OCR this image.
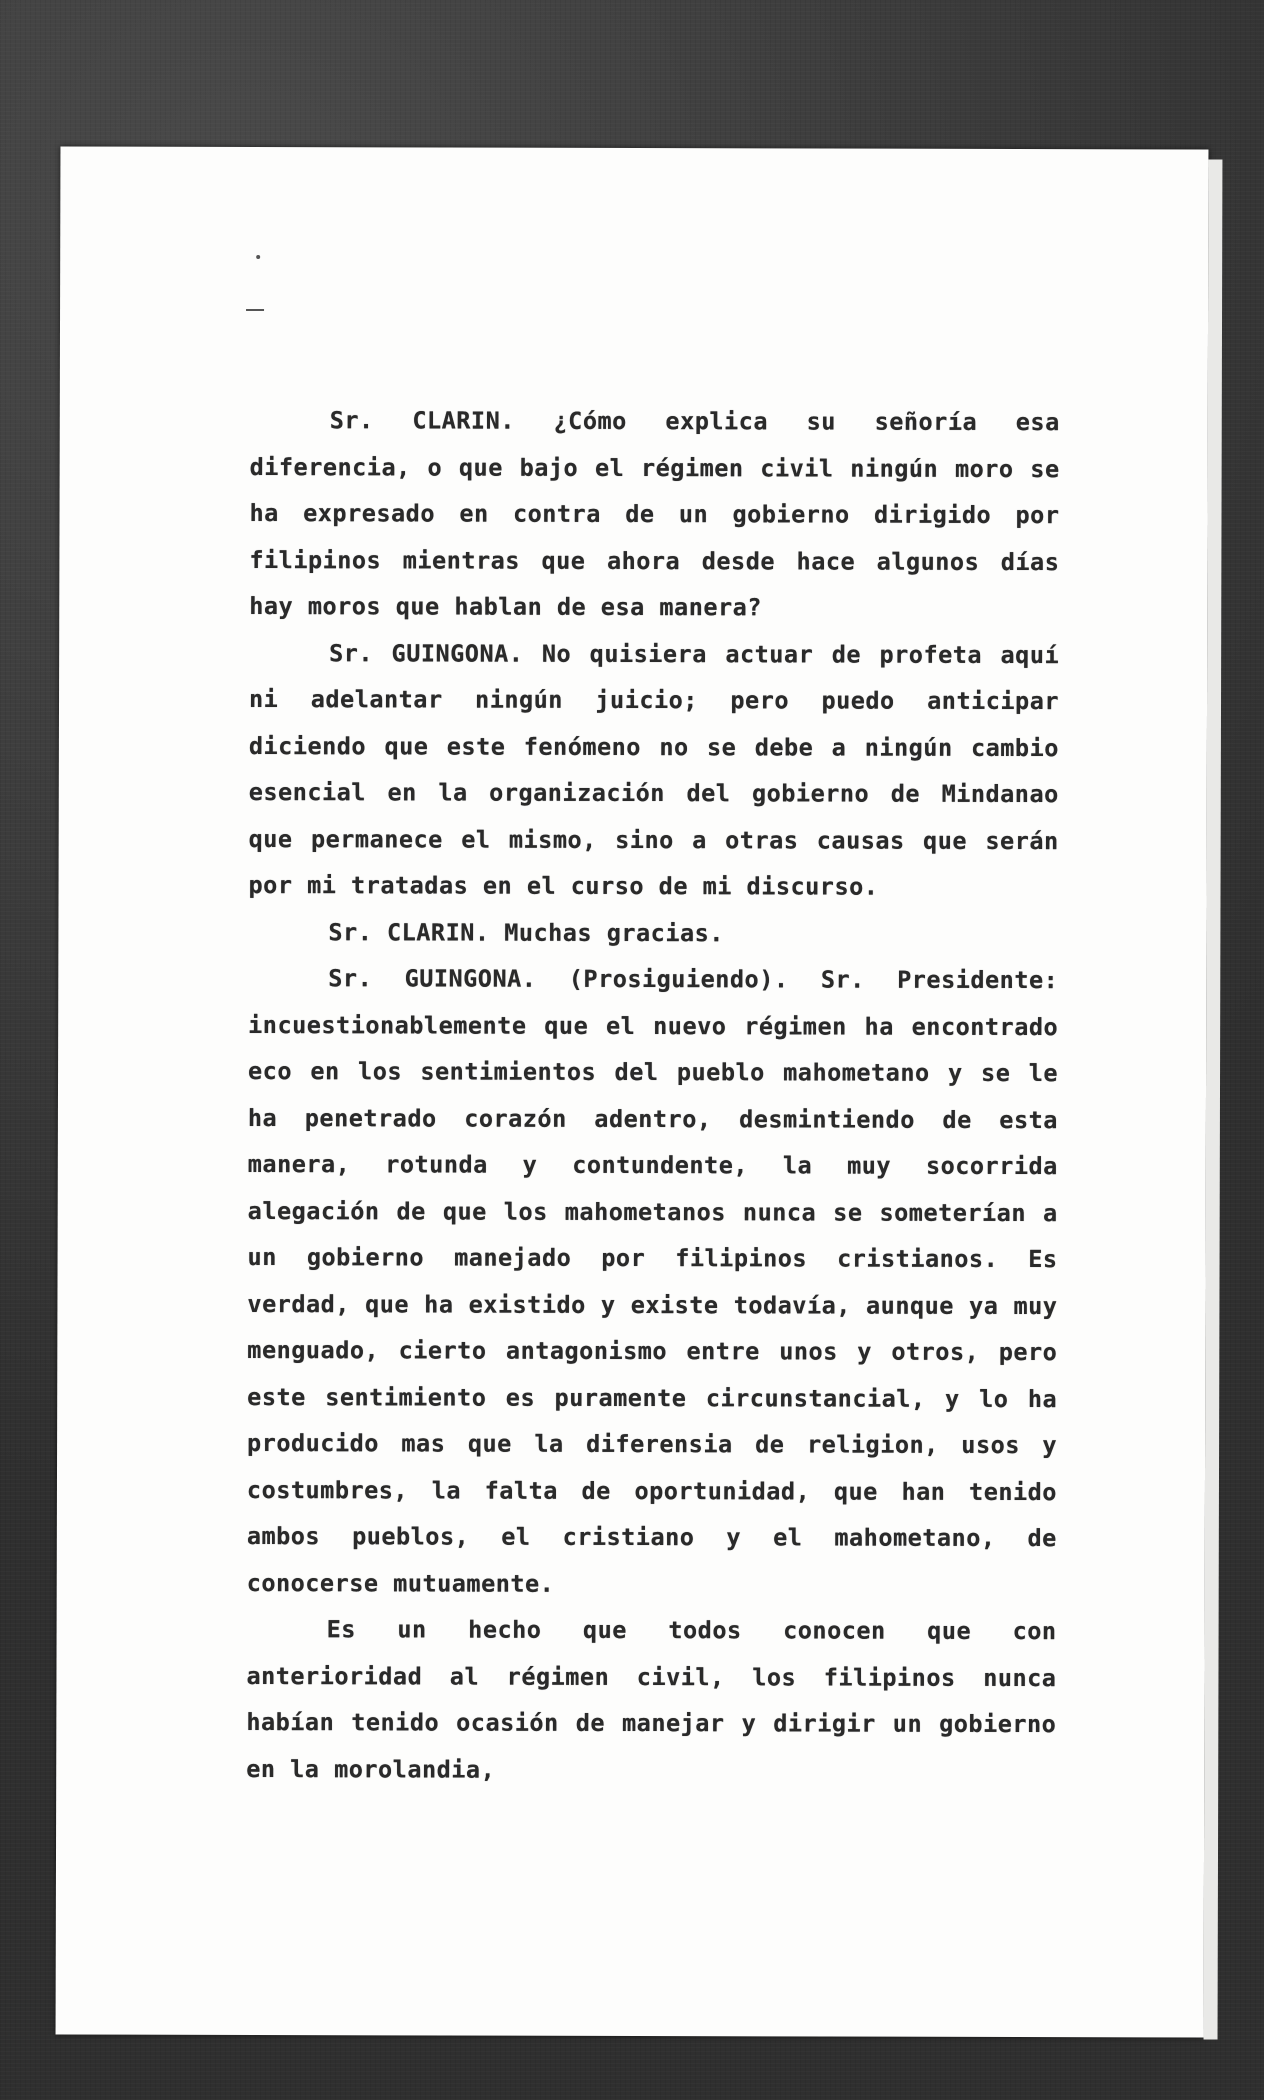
Sr. CLARIN. ¿Cómo explica su señoría esa diferencia, o que bajo el régimen civil ningún moro se ha expresado en contra de un gobierno dirigido por filipinos mientras que ahora desde hace algunos días hay moros que hablan de esa manera?

Sr. GUINGONA. No quisiera actuar de profeta aquí ni adelantar ningún juicio; pero puedo anticipar diciendo que este fenómeno no se debe a ningún cambio esencial en la organización del gobierno de Mindanao que permanece el mismo, sino a otras causas que serán por mi tratadas en el curso de mi discurso.

Sr. CLARIN. Muchas gracias.

Sr. GUINGONA. (Prosiguiendo). Sr. Presidente: incuestionablemente que el nuevo régimen ha encontrado eco en los sentimientos del pueblo mahometano y se le ha penetrado corazón adentro, desmintiendo de esta manera, rotunda y contundente, la muy socorrida alegación de que los mahometanos nunca se someterían a un gobierno manejado por filipinos cristianos. Es verdad, que ha existido y existe todavía, aunque ya muy menguado, cierto antagonismo entre unos y otros, pero este sentimiento es puramente circunstancial, y lo ha producido mas que la diferensia de religion, usos y costumbres, la falta de oportunidad, que han tenido ambos pueblos, el cristiano y el mahometano, de conocerse mutuamente.

Es un hecho que todos conocen que con anterioridad al régimen civil, los filipinos nunca habían tenido ocasión de manejar y dirigir un gobierno en la morolandia,
